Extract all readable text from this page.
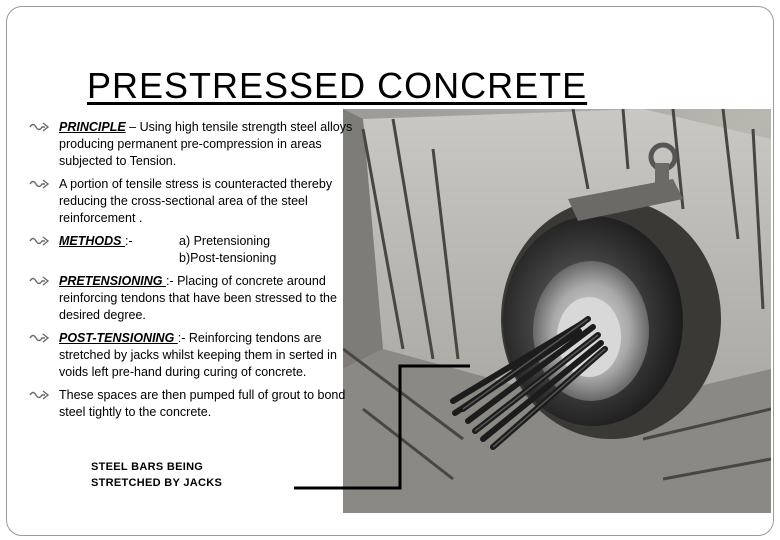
PRESTRESSED CONCRETE
PRINCIPLE – Using high tensile strength steel alloys producing permanent pre-compression in areas subjected to Tension.
A portion of tensile stress is counteracted thereby reducing the cross-sectional area of the steel reinforcement .
METHODS :-	a) Pretensioning
b)Post-tensioning
PRETENSIONING :- Placing of concrete around reinforcing tendons that have been stressed to the desired degree.
POST-TENSIONING :- Reinforcing tendons are stretched by jacks whilst keeping them in serted in voids left pre-hand during curing of concrete.
These spaces are then pumped full of grout to bond steel tightly to the concrete.
STEEL BARS BEING
STRETCHED BY JACKS
